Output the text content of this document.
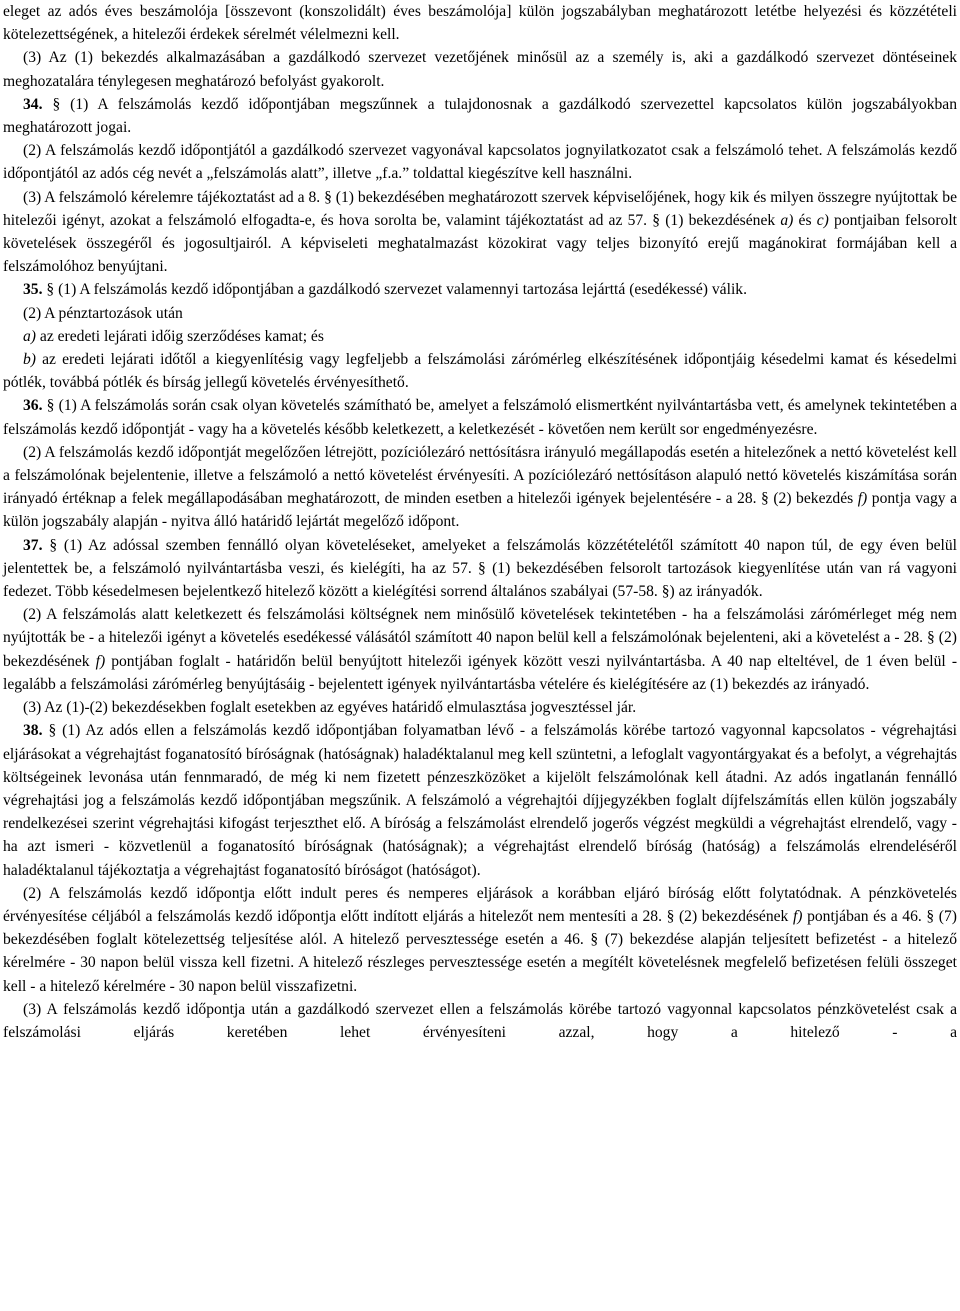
eleget az adós éves beszámolója [összevont (konszolidált) éves beszámolója] külön jogszabályban meghatározott letétbe helyezési és közzétételi kötelezettségének, a hitelezői érdekek sérelmét vélelmezni kell.

(3) Az (1) bekezdés alkalmazásában a gazdálkodó szervezet vezetőjének minősül az a személy is, aki a gazdálkodó szervezet döntéseinek meghozatalára ténylegesen meghatározó befolyást gyakorolt.

34. § (1) A felszámolás kezdő időpontjában megszűnnek a tulajdonosnak a gazdálkodó szervezettel kapcsolatos külön jogszabályokban meghatározott jogai.

(2) A felszámolás kezdő időpontjától a gazdálkodó szervezet vagyonával kapcsolatos jognyilatkozatot csak a felszámoló tehet. A felszámolás kezdő időpontjától az adós cég nevét a „felszámolás alatt”, illetve „f.a.” toldattal kiegészítve kell használni.

(3) A felszámoló kérelemre tájékoztatást ad a 8. § (1) bekezdésében meghatározott szervek képviselőjének, hogy kik és milyen összegre nyújtottak be hitelezői igényt, azokat a felszámoló elfogadta-e, és hova sorolta be, valamint tájékoztatást ad az 57. § (1) bekezdésének a) és c) pontjaiban felsorolt követelések összegéről és jogosultjairól. A képviseleti meghatalmazást közokirat vagy teljes bizonyító erejű magánokirat formájában kell a felszámolóhoz benyújtani.

35. § (1) A felszámolás kezdő időpontjában a gazdálkodó szervezet valamennyi tartozása lejárttá (esedékessé) válik.

(2) A pénztartozások után

a) az eredeti lejárati időig szerződéses kamat; és

b) az eredeti lejárati időtől a kiegyenlítésig vagy legfeljebb a felszámolási zárómérleg elkészítésének időpontjáig késedelmi kamat és késedelmi pótlék, továbbá pótlék és bírság jellegű követelés érvényesíthető.

36. § (1) A felszámolás során csak olyan követelés számítható be, amelyet a felszámoló elismertként nyilvántartásba vett, és amelynek tekintetében a felszámolás kezdő időpontját - vagy ha a követelés később keletkezett, a keletkezését - követően nem került sor engedményezésre.

(2) A felszámolás kezdő időpontját megelőzően létrejött, pozíciólezáró nettósításra irányuló megállapodás esetén a hitelezőnek a nettó követelést kell a felszámolónak bejelentenie, illetve a felszámoló a nettó követelést érvényesíti. A pozíciólezáró nettósításon alapuló nettó követelés kiszámítása során irányadó értéknap a felek megállapodásában meghatározott, de minden esetben a hitelezői igények bejelentésére - a 28. § (2) bekezdés f) pontja vagy a külön jogszabály alapján - nyitva álló határidő lejártát megelőző időpont.

37. § (1) Az adóssal szemben fennálló olyan követeléseket, amelyeket a felszámolás közzétételétől számított 40 napon túl, de egy éven belül jelentettek be, a felszámoló nyilvántartásba veszi, és kielégíti, ha az 57. § (1) bekezdésében felsorolt tartozások kiegyenlítése után van rá vagyoni fedezet. Több késedelmesen bejelentkező hitelező között a kielégítési sorrend általános szabályai (57-58. §) az irányadók.

(2) A felszámolás alatt keletkezett és felszámolási költségnek nem minősülő követelések tekintetében - ha a felszámolási zárómérleget még nem nyújtották be - a hitelezői igényt a követelés esedékessé válásától számított 40 napon belül kell a felszámolónak bejelenteni, aki a követelést a - 28. § (2) bekezdésének f) pontjában foglalt - határidőn belül benyújtott hitelezői igények között veszi nyilvántartásba. A 40 nap elteltével, de 1 éven belül - legalább a felszámolási zárómérleg benyújtásáig - bejelentett igények nyilvántartásba vételére és kielégítésére az (1) bekezdés az irányadó.

(3) Az (1)-(2) bekezdésekben foglalt esetekben az egyéves határidő elmulasztása jogvesztéssel jár.

38. § (1) Az adós ellen a felszámolás kezdő időpontjában folyamatban lévő - a felszámolás körébe tartozó vagyonnal kapcsolatos - végrehajtási eljárásokat a végrehajtást foganatosító bíróságnak (hatóságnak) haladéktalanul meg kell szüntetni, a lefoglalt vagyontárgyakat és a befolyt, a végrehajtás költségeinek levonása után fennmaradó, de még ki nem fizetett pénzeszközöket a kijelölt felszámolónak kell átadni. Az adós ingatlanán fennálló végrehajtási jog a felszámolás kezdő időpontjában megszűnik. A felszámoló a végrehajtói díjjegyzékben foglalt díjfelszámítás ellen külön jogszabály rendelkezései szerint végrehajtási kifogást terjeszthet elő. A bíróság a felszámolást elrendelő jogerős végzést megküldi a végrehajtást elrendelő, vagy - ha azt ismeri - közvetlenül a foganatosító bíróságnak (hatóságnak); a végrehajtást elrendelő bíróság (hatóság) a felszámolás elrendeléséről haladéktalanul tájékoztatja a végrehajtást foganatosító bíróságot (hatóságot).

(2) A felszámolás kezdő időpontja előtt indult peres és nemperes eljárások a korábban eljáró bíróság előtt folytatódnak. A pénzkövetelés érvényesítése céljából a felszámolás kezdő időpontja előtt indított eljárás a hitelezőt nem mentesíti a 28. § (2) bekezdésének f) pontjában és a 46. § (7) bekezdésében foglalt kötelezettség teljesítése alól. A hitelező pervesztessége esetén a 46. § (7) bekezdése alapján teljesített befizetést - a hitelező kérelmére - 30 napon belül vissza kell fizetni. A hitelező részleges pervesztessége esetén a megítélt követelésnek megfelelő befizetésen felüli összeget kell - a hitelező kérelmére - 30 napon belül visszafizetni.

(3) A felszámolás kezdő időpontja után a gazdálkodó szervezet ellen a felszámolás körébe tartozó vagyonnal kapcsolatos pénzkövetelést csak a felszámolási eljárás keretében lehet érvényesíteni azzal, hogy a hitelező - a
